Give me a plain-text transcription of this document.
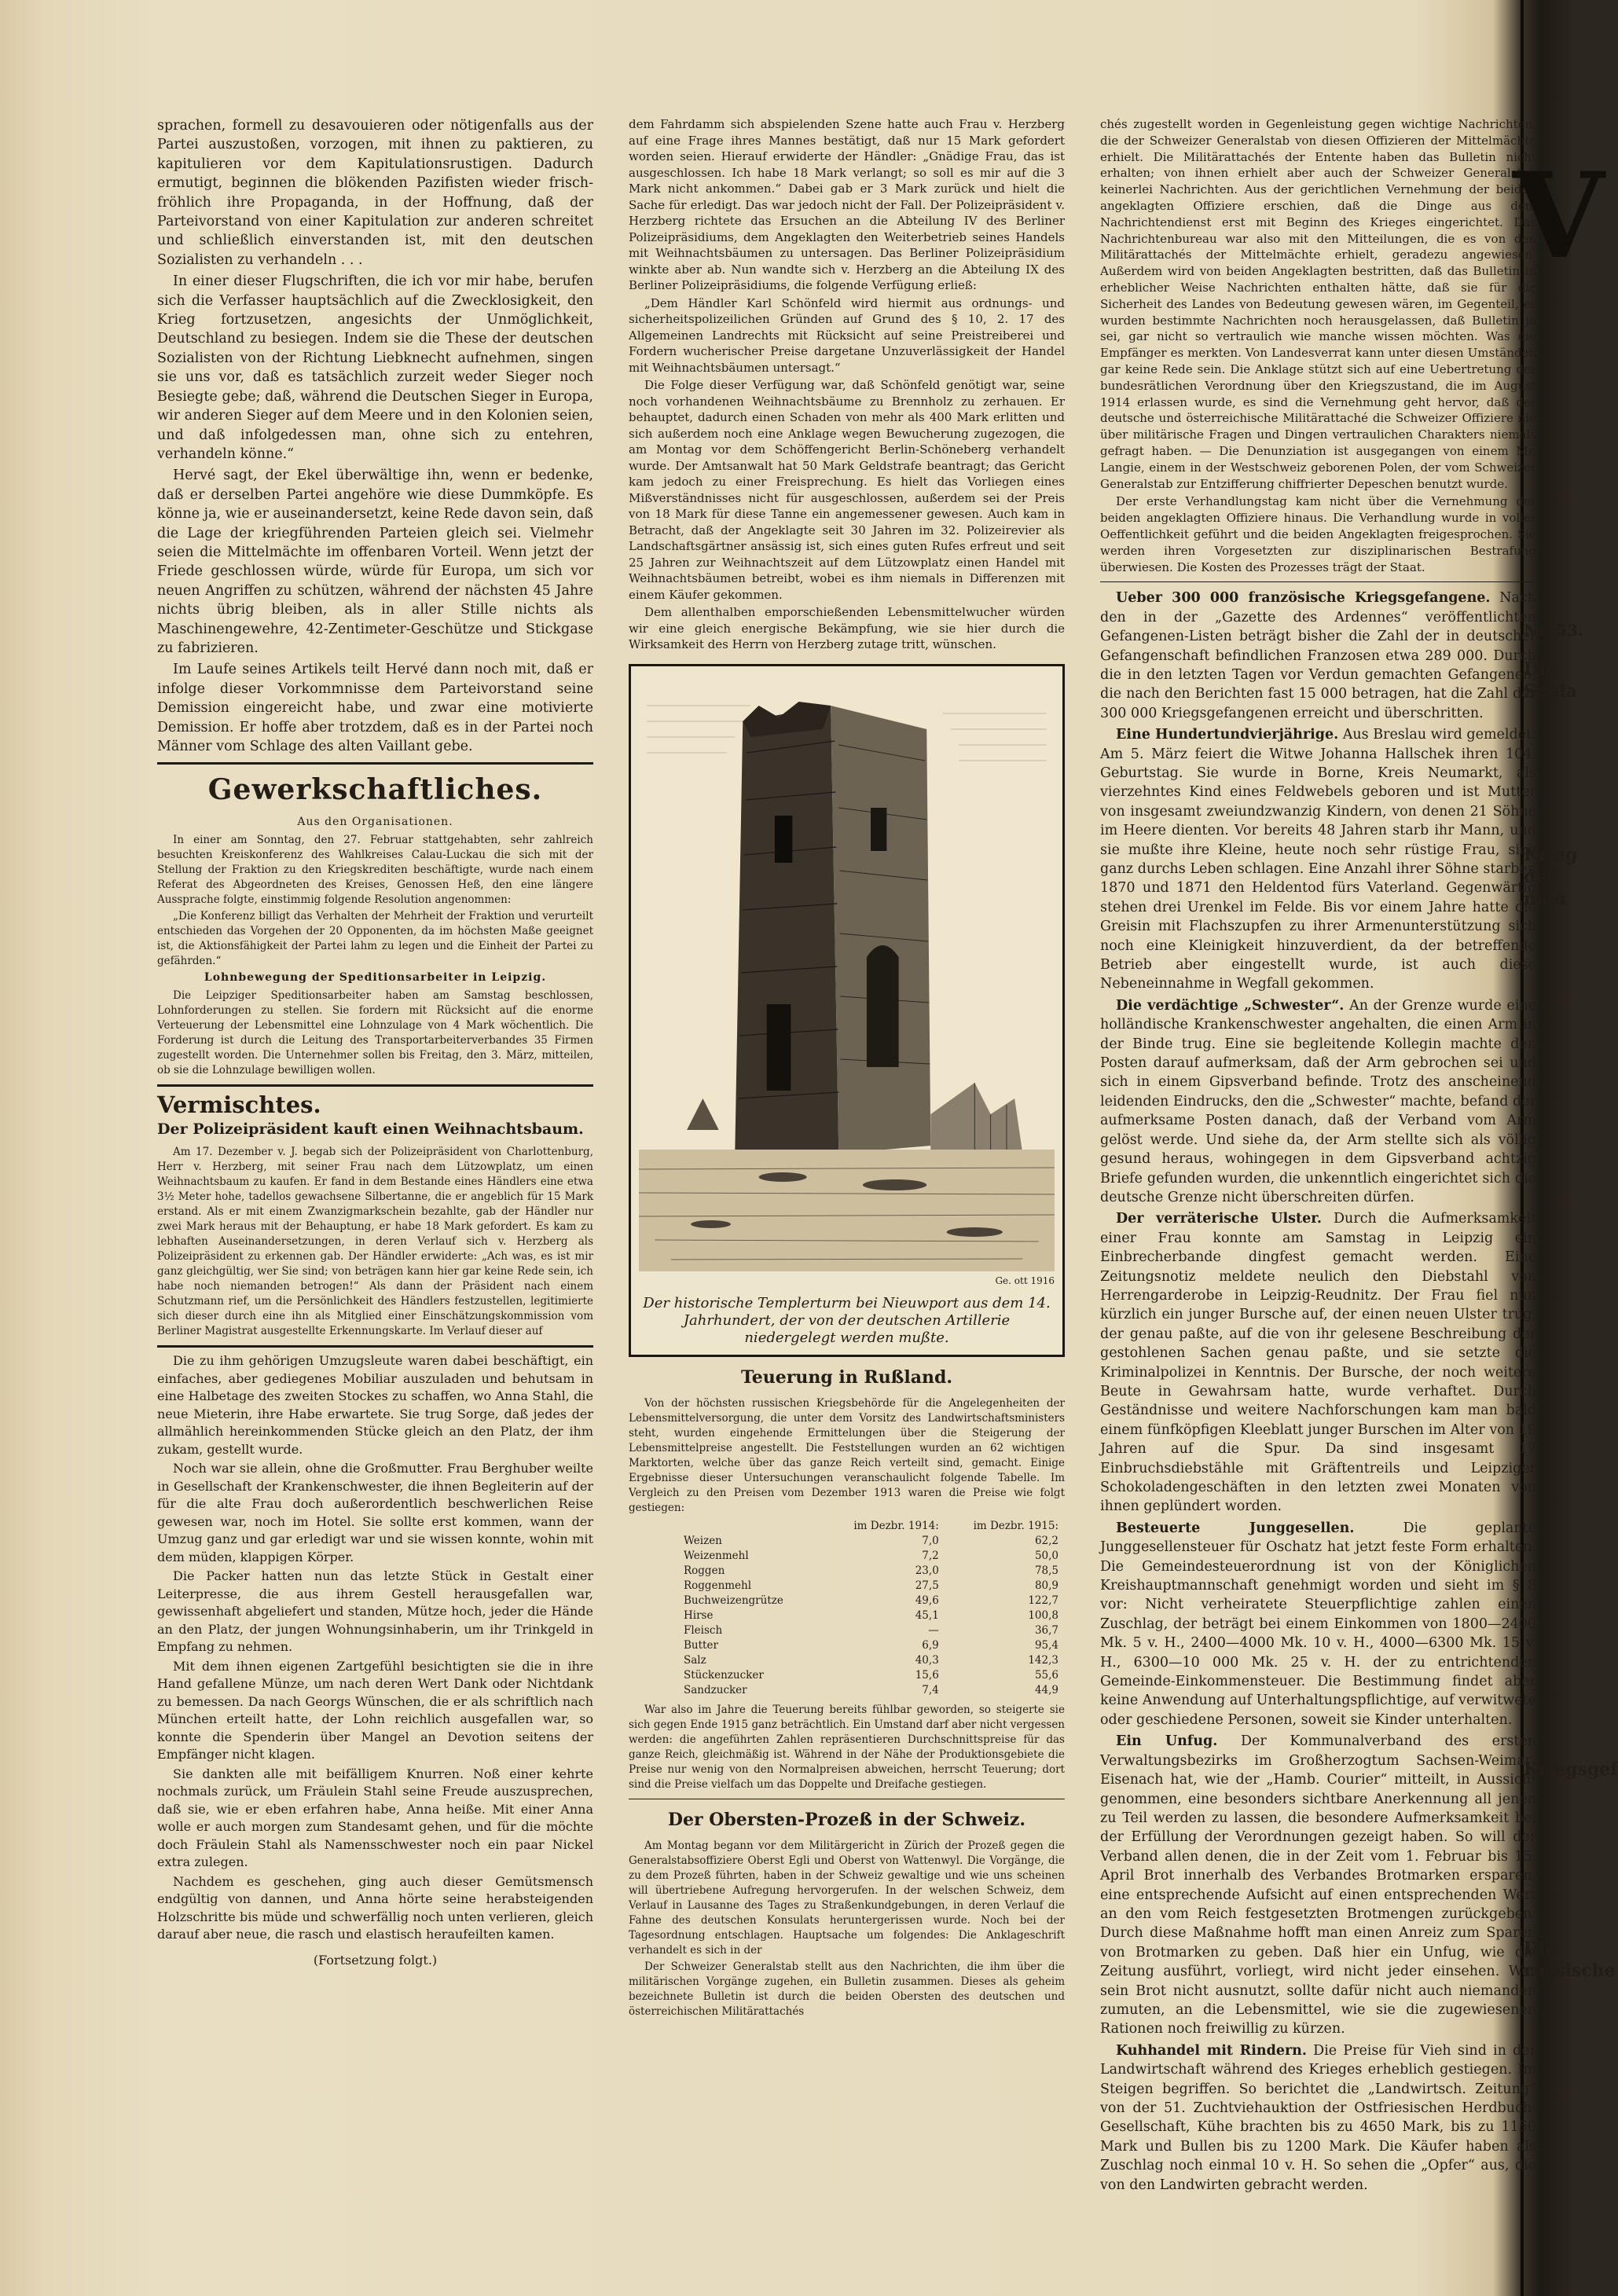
sprachen, formell zu desavouieren oder nötigenfalls aus der Partei auszustoßen, vorzogen, mit ihnen zu paktieren, zu kapitulieren vor dem Kapitulationsrustigen. Dadurch ermutigt, beginnen die blökenden Pazifisten wieder frisch-fröhlich ihre Propaganda, in der Hoffnung, daß der Parteivorstand von einer Kapitulation zur anderen schreitet und schließlich einverstanden ist, mit den deutschen Sozialisten zu verhandeln . . .

In einer dieser Flugschriften, die ich vor mir habe, berufen sich die Verfasser hauptsächlich auf die Zwecklosigkeit, den Krieg fortzusetzen, angesichts der Unmöglichkeit, Deutschland zu besiegen. Indem sie die These der deutschen Sozialisten von der Richtung Liebknecht aufnehmen, singen sie uns vor, daß es tatsächlich zurzeit weder Sieger noch Besiegte gebe; daß, während die Deutschen Sieger in Europa, wir anderen Sieger auf dem Meere und in den Kolonien seien, und daß infolgedessen man, ohne sich zu entehren, verhandeln könne.“

Hervé sagt, der Ekel überwältige ihn, wenn er bedenke, daß er derselben Partei angehöre wie diese Dummköpfe. Es könne ja, wie er auseinandersetzt, keine Rede davon sein, daß die Lage der kriegführenden Parteien gleich sei. Vielmehr seien die Mittelmächte im offenbaren Vorteil. Wenn jetzt der Friede geschlossen würde, würde für Europa, um sich vor neuen Angriffen zu schützen, während der nächsten 45 Jahre nichts übrig bleiben, als in aller Stille nichts als Maschinengewehre, 42-Zentimeter-Geschütze und Stickgase zu fabrizieren.

Im Laufe seines Artikels teilt Hervé dann noch mit, daß er infolge dieser Vorkommnisse dem Parteivorstand seine Demission eingereicht habe, und zwar eine motivierte Demission. Er hoffe aber trotzdem, daß es in der Partei noch Männer vom Schlage des alten Vaillant gebe.

Gewerkschaftliches.
Aus den Organisationen.

In einer am Sonntag, den 27. Februar stattgehabten, sehr zahlreich besuchten Kreiskonferenz des Wahlkreises Calau-Luckau die sich mit der Stellung der Fraktion zu den Kriegskrediten beschäftigte, wurde nach einem Referat des Abgeordneten des Kreises, Genossen Heß, den eine längere Aussprache folgte, einstimmig folgende Resolution angenommen:

„Die Konferenz billigt das Verhalten der Mehrheit der Fraktion und verurteilt entschieden das Vorgehen der 20 Opponenten, da im höchsten Maße geeignet ist, die Aktionsfähigkeit der Partei lahm zu legen und die Einheit der Partei zu gefährden.“

Lohnbewegung der Speditionsarbeiter in Leipzig.

Die Leipziger Speditionsarbeiter haben am Samstag beschlossen, Lohnforderungen zu stellen. Sie fordern mit Rücksicht auf die enorme Verteuerung der Lebensmittel eine Lohnzulage von 4 Mark wöchentlich. Die Forderung ist durch die Leitung des Transportarbeiterverbandes 35 Firmen zugestellt worden. Die Unternehmer sollen bis Freitag, den 3. März, mitteilen, ob sie die Lohnzulage bewilligen wollen.

Vermischtes.
Der Polizeipräsident kauft einen Weihnachtsbaum.

Am 17. Dezember v. J. begab sich der Polizeipräsident von Charlottenburg, Herr v. Herzberg, mit seiner Frau nach dem Lützowplatz, um einen Weihnachtsbaum zu kaufen. Er fand in dem Bestande eines Händlers eine etwa 3½ Meter hohe, tadellos gewachsene Silbertanne, die er angeblich für 15 Mark erstand. Als er mit einem Zwanzigmarkschein bezahlte, gab der Händler nur zwei Mark heraus mit der Behauptung, er habe 18 Mark gefordert. Es kam zu lebhaften Auseinandersetzungen, in deren Verlauf sich v. Herzberg als Polizeipräsident zu erkennen gab. Der Händler erwiderte: „Ach was, es ist mir ganz gleichgültig, wer Sie sind; von beträgen kann hier gar keine Rede sein, ich habe noch niemanden betrogen!“ Als dann der Präsident nach einem Schutzmann rief, um die Persönlichkeit des Händlers festzustellen, legitimierte sich dieser durch eine ihn als Mitglied einer Einschätzungskommission vom Berliner Magistrat ausgestellte Erkennungskarte. Im Verlauf dieser auf

Die zu ihm gehörigen Umzugsleute waren dabei beschäftigt, ein einfaches, aber gediegenes Mobiliar auszuladen und behutsam in eine Halbetage des zweiten Stockes zu schaffen, wo Anna Stahl, die neue Mieterin, ihre Habe erwartete. Sie trug Sorge, daß jedes der allmählich hereinkommenden Stücke gleich an den Platz, der ihm zukam, gestellt wurde.

Noch war sie allein, ohne die Großmutter. Frau Berghuber weilte in Gesellschaft der Krankenschwester, die ihnen Begleiterin auf der für die alte Frau doch außerordentlich beschwerlichen Reise gewesen war, noch im Hotel. Sie sollte erst kommen, wann der Umzug ganz und gar erledigt war und sie wissen konnte, wohin mit dem müden, klappigen Körper.

Die Packer hatten nun das letzte Stück in Gestalt einer Leiterpresse, die aus ihrem Gestell herausgefallen war, gewissenhaft abgeliefert und standen, Mütze hoch, jeder die Hände an den Platz, der jungen Wohnungsinhaberin, um ihr Trinkgeld in Empfang zu nehmen.

Mit dem ihnen eigenen Zartgefühl besichtigten sie die in ihre Hand gefallene Münze, um nach deren Wert Dank oder Nichtdank zu bemessen. Da nach Georgs Wünschen, die er als schriftlich nach München erteilt hatte, der Lohn reichlich ausgefallen war, so konnte die Spenderin über Mangel an Devotion seitens der Empfänger nicht klagen.

Sie dankten alle mit beifälligem Knurren. Noß einer kehrte nochmals zurück, um Fräulein Stahl seine Freude auszusprechen, daß sie, wie er eben erfahren habe, Anna heiße. Mit einer Anna wolle er auch morgen zum Standesamt gehen, und für die möchte doch Fräulein Stahl als Namensschwester noch ein paar Nickel extra zulegen.

Nachdem es geschehen, ging auch dieser Gemütsmensch endgültig von dannen, und Anna hörte seine herabsteigenden Holzschritte bis müde und schwerfällig noch unten verlieren, gleich darauf aber neue, die rasch und elastisch heraufeilten kamen.

(Fortsetzung folgt.)

dem Fahrdamm sich abspielenden Szene hatte auch Frau v. Herzberg auf eine Frage ihres Mannes bestätigt, daß nur 15 Mark gefordert worden seien. Hierauf erwiderte der Händler: „Gnädige Frau, das ist ausgeschlossen. Ich habe 18 Mark verlangt; so soll es mir auf die 3 Mark nicht ankommen.“ Dabei gab er 3 Mark zurück und hielt die Sache für erledigt. Das war jedoch nicht der Fall. Der Polizeipräsident v. Herzberg richtete das Ersuchen an die Abteilung IV des Berliner Polizeipräsidiums, dem Angeklagten den Weiterbetrieb seines Handels mit Weihnachtsbäumen zu untersagen. Das Berliner Polizeipräsidium winkte aber ab. Nun wandte sich v. Herzberg an die Abteilung IX des Berliner Polizeipräsidiums, die folgende Verfügung erließ:

„Dem Händler Karl Schönfeld wird hiermit aus ordnungs- und sicherheitspolizeilichen Gründen auf Grund des § 10, 2. 17 des Allgemeinen Landrechts mit Rücksicht auf seine Preistreiberei und Fordern wucherischer Preise dargetane Unzuverlässigkeit der Handel mit Weihnachtsbäumen untersagt.“

Die Folge dieser Verfügung war, daß Schönfeld genötigt war, seine noch vorhandenen Weihnachtsbäume zu Brennholz zu zerhauen. Er behauptet, dadurch einen Schaden von mehr als 400 Mark erlitten und sich außerdem noch eine Anklage wegen Bewucherung zugezogen, die am Montag vor dem Schöffengericht Berlin-Schöneberg verhandelt wurde. Der Amtsanwalt hat 50 Mark Geldstrafe beantragt; das Gericht kam jedoch zu einer Freisprechung. Es hielt das Vorliegen eines Mißverständnisses nicht für ausgeschlossen, außerdem sei der Preis von 18 Mark für diese Tanne ein angemessener gewesen. Auch kam in Betracht, daß der Angeklagte seit 30 Jahren im 32. Polizeirevier als Landschaftsgärtner ansässig ist, sich eines guten Rufes erfreut und seit 25 Jahren zur Weihnachtszeit auf dem Lützowplatz einen Handel mit Weihnachtsbäumen betreibt, wobei es ihm niemals in Differenzen mit einem Käufer gekommen.

Dem allenthalben emporschießenden Lebensmittelwucher würden wir eine gleich energische Bekämpfung, wie sie hier durch die Wirksamkeit des Herrn von Herzberg zutage tritt, wünschen.

Ge. ott 1916
Der historische Templerturm bei Nieuwport aus dem 14. Jahrhundert, der von der deutschen Artillerie niedergelegt werden mußte.
Teuerung in Rußland.

Von der höchsten russischen Kriegsbehörde für die Angelegenheiten der Lebensmittelversorgung, die unter dem Vorsitz des Landwirtschaftsministers steht, wurden eingehende Ermittelungen über die Steigerung der Lebensmittelpreise angestellt. Die Feststellungen wurden an 62 wichtigen Marktorten, welche über das ganze Reich verteilt sind, gemacht. Einige Ergebnisse dieser Untersuchungen veranschaulicht folgende Tabelle. Im Vergleich zu den Preisen vom Dezember 1913 waren die Preise wie folgt gestiegen:

	im Dezbr. 1914:	im Dezbr. 1915:
Weizen	7,0	62,2
Weizenmehl	7,2	50,0
Roggen	23,0	78,5
Roggenmehl	27,5	80,9
Buchweizengrütze	49,6	122,7
Hirse	45,1	100,8
Fleisch	—	36,7
Butter	6,9	95,4
Salz	40,3	142,3
Stückenzucker	15,6	55,6
Sandzucker	7,4	44,9

War also im Jahre die Teuerung bereits fühlbar geworden, so steigerte sie sich gegen Ende 1915 ganz beträchtlich. Ein Umstand darf aber nicht vergessen werden: die angeführten Zahlen repräsentieren Durchschnittspreise für das ganze Reich, gleichmäßig ist. Während in der Nähe der Produktionsgebiete die Preise nur wenig von den Normalpreisen abweichen, herrscht Teuerung; dort sind die Preise vielfach um das Doppelte und Dreifache gestiegen.

Der Obersten-Prozeß in der Schweiz.

Am Montag begann vor dem Militärgericht in Zürich der Prozeß gegen die Generalstabsoffiziere Oberst Egli und Oberst von Wattenwyl. Die Vorgänge, die zu dem Prozeß führten, haben in der Schweiz gewaltige und wie uns scheinen will übertriebene Aufregung hervorgerufen. In der welschen Schweiz, dem Verlauf in Lausanne des Tages zu Straßenkundgebungen, in deren Verlauf die Fahne des deutschen Konsulats heruntergerissen wurde. Noch bei der Tagesordnung entschlagen. Hauptsache um folgendes: Die Anklageschrift verhandelt es sich in der

Der Schweizer Generalstab stellt aus den Nachrichten, die ihm über die militärischen Vorgänge zugehen, ein Bulletin zusammen. Dieses als geheim bezeichnete Bulletin ist durch die beiden Obersten des deutschen und österreichischen Militärattachés

chés zugestellt worden in Gegenleistung gegen wichtige Nachrichten, die der Schweizer Generalstab von diesen Offizieren der Mittelmächte erhielt. Die Militärattachés der Entente haben das Bulletin nicht erhalten; von ihnen erhielt aber auch der Schweizer Generalstab keinerlei Nachrichten. Aus der gerichtlichen Vernehmung der beiden angeklagten Offiziere erschien, daß die Dinge aus dem Nachrichtendienst erst mit Beginn des Krieges eingerichtet. Das Nachrichtenbureau war also mit den Mitteilungen, die es von den Militärattachés der Mittelmächte erhielt, geradezu angewiesen. Außerdem wird von beiden Angeklagten bestritten, daß das Bulletin in erheblicher Weise Nachrichten enthalten hätte, daß sie für die Sicherheit des Landes von Bedeutung gewesen wären, im Gegenteil, es wurden bestimmte Nachrichten noch herausgelassen, daß Bulletin ja sei, gar nicht so vertraulich wie manche wissen möchten. Was die Empfänger es merkten. Von Landesverrat kann unter diesen Umständen gar keine Rede sein. Die Anklage stützt sich auf eine Uebertretung der bundesrätlichen Verordnung über den Kriegszustand, die im August 1914 erlassen wurde, es sind die Vernehmung geht hervor, daß der deutsche und österreichische Militärattaché die Schweizer Offiziere nie über militärische Fragen und Dingen vertraulichen Charakters niemals gefragt haben. — Die Denunziation ist ausgegangen von einem Mr. Langie, einem in der Westschweiz geborenen Polen, der vom Schweizer Generalstab zur Entzifferung chiffrierter Depeschen benutzt wurde.

Der erste Verhandlungstag kam nicht über die Vernehmung der beiden angeklagten Offiziere hinaus. Die Verhandlung wurde in voller Oeffentlichkeit geführt und die beiden Angeklagten freigesprochen. Sie werden ihren Vorgesetzten zur disziplinarischen Bestrafung überwiesen. Die Kosten des Prozesses trägt der Staat.

Ueber 300 000 französische Kriegsgefangene. Nach den in der „Gazette des Ardennes“ veröffentlichten Gefangenen-Listen beträgt bisher die Zahl der in deutscher Gefangenschaft befindlichen Franzosen etwa 289 000. Durch die in den letzten Tagen vor Verdun gemachten Gefangenen, die nach den Berichten fast 15 000 betragen, hat die Zahl der 300 000 Kriegsgefangenen erreicht und überschritten.

Eine Hundertundvierjährige. Aus Breslau wird gemeldet: Am 5. März feiert die Witwe Johanna Hallschek ihren 104. Geburtstag. Sie wurde in Borne, Kreis Neumarkt, als vierzehntes Kind eines Feldwebels geboren und ist Mutter von insgesamt zweiundzwanzig Kindern, von denen 21 Söhne im Heere dienten. Vor bereits 48 Jahren starb ihr Mann, und sie mußte ihre Kleine, heute noch sehr rüstige Frau, sich ganz durchs Leben schlagen. Eine Anzahl ihrer Söhne starben 1870 und 1871 den Heldentod fürs Vaterland. Gegenwärtig stehen drei Urenkel im Felde. Bis vor einem Jahre hatte die Greisin mit Flachszupfen zu ihrer Armenunterstützung sich noch eine Kleinigkeit hinzuverdient, da der betreffende Betrieb aber eingestellt wurde, ist auch diese Nebeneinnahme in Wegfall gekommen.

Die verdächtige „Schwester“. An der Grenze wurde eine holländische Krankenschwester angehalten, die einen Arm in der Binde trug. Eine sie begleitende Kollegin machte den Posten darauf aufmerksam, daß der Arm gebrochen sei und sich in einem Gipsverband befinde. Trotz des anscheinend leidenden Eindrucks, den die „Schwester“ machte, befand der aufmerksame Posten danach, daß der Verband vom Arm gelöst werde. Und siehe da, der Arm stellte sich als völlig gesund heraus, wohingegen in dem Gipsverband achtzig Briefe gefunden wurden, die unkenntlich eingerichtet sich die deutsche Grenze nicht überschreiten dürfen.

Der verräterische Ulster. Durch die Aufmerksamkeit einer Frau konnte am Samstag in Leipzig ein Einbrecherbande dingfest gemacht werden. Eine Zeitungsnotiz meldete neulich den Diebstahl von Herrengarderobe in Leipzig-Reudnitz. Der Frau fiel nun kürzlich ein junger Bursche auf, der einen neuen Ulster trug, der genau paßte, auf die von ihr gelesene Beschreibung der gestohlenen Sachen genau paßte, und sie setzte die Kriminalpolizei in Kenntnis. Der Bursche, der noch weitere Beute in Gewahrsam hatte, wurde verhaftet. Durch Geständnisse und weitere Nachforschungen kam man bald einem fünfköpfigen Kleeblatt junger Burschen im Alter von 19 Jahren auf die Spur. Da sind insgesamt 17 Einbruchsdiebstähle mit Gräftentreils und Leipziger Schokoladengeschäften in den letzten zwei Monaten von ihnen geplündert worden.

Besteuerte Junggesellen.	Die geplante Junggesellensteuer für Oschatz hat jetzt feste Form erhalten. Die Gemeindesteuerordnung ist von der Königlichen Kreishauptmannschaft genehmigt worden und sieht im § 8 vor: Nicht verheiratete Steuerpflichtige zahlen einen Zuschlag, der beträgt bei einem Einkommen von 1800—2400 Mk. 5 v. H., 2400—4000 Mk. 10 v. H., 4000—6300 Mk. 15 v. H., 6300—10 000 Mk. 25 v. H. der zu entrichtenden Gemeinde-Einkommensteuer. Die Bestimmung findet aber keine Anwendung auf Unterhaltungspflichtige, auf verwitwete oder geschiedene Personen, soweit sie Kinder unterhalten.

Ein Unfug. Der Kommunalverband des ersten Verwaltungsbezirks im Großherzogtum Sachsen-Weimar-Eisenach hat, wie der „Hamb. Courier“ mitteilt, in Aussicht genommen, eine besonders sichtbare Anerkennung all jenen zu Teil werden zu lassen, die besondere Aufmerksamkeit bei der Erfüllung der Verordnungen gezeigt haben. So will der Verband allen denen, die in der Zeit vom 1. Februar bis 15. April Brot innerhalb des Verbandes Brotmarken ersparen, eine entsprechende Aufsicht auf einen entsprechenden Wert an den vom Reich festgesetzten Brotmengen zurückgeben. Durch diese Maßnahme hofft man einen Anreiz zum Sparen von Brotmarken zu geben. Daß hier ein Unfug, wie die Zeitung ausführt, vorliegt, wird nicht jeder einsehen. Wer sein Brot nicht ausnutzt, sollte dafür nicht auch niemanden zumuten, an die Lebensmittel, wie sie die zugewiesenen Rationen noch freiwillig zu kürzen.

Kuhhandel mit Rindern. Die Preise für Vieh sind in der Landwirtschaft während des Krieges erheblich gestiegen. Im Steigen begriffen. So berichtet die „Landwirtsch. Zeitung“ von der 51. Zuchtviehauktion der Ostfriesischen Herdbuch-Gesellschaft, Kühe brachten bis zu 4650 Mark, bis zu 1150 Mark und Bullen bis zu 1200 Mark. Die Käufer haben als Zuschlag noch einmal 10 v. H. So sehen die „Opfer“ aus, die von den Landwirten gebracht werden.

V
Nr. 53.
Die Schla
Krieg der man
Kriegsgef
Die russische
